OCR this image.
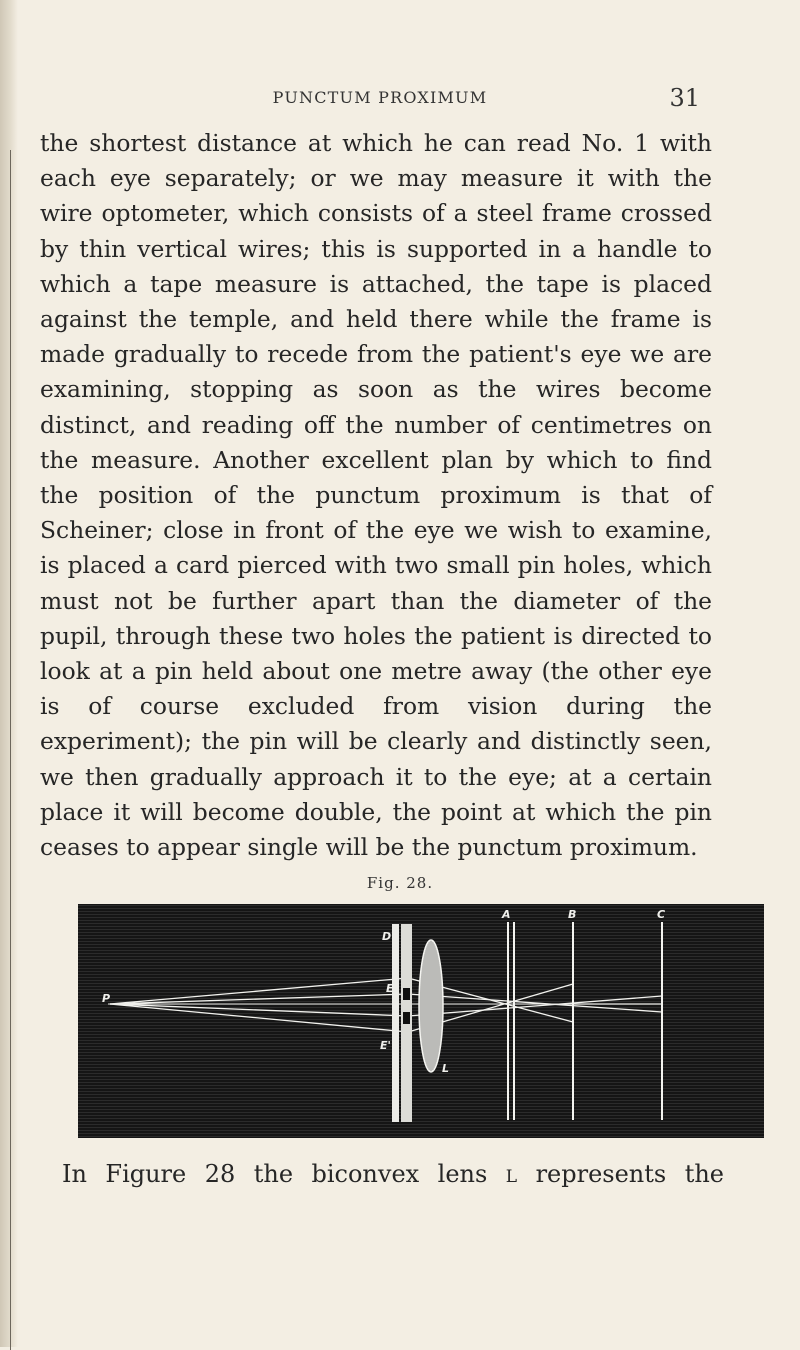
PUNCTUM PROXIMUM	31

the shortest distance at which he can read No. 1 with each eye separately; or we may measure it with the wire optometer, which consists of a steel frame crossed by thin vertical wires; this is supported in a handle to which a tape measure is attached, the tape is placed against the temple, and held there while the frame is made gradually to recede from the patient's eye we are examining, stopping as soon as the wires become distinct, and reading off the number of centimetres on the measure. Another excellent plan by which to find the position of the punctum proximum is that of Scheiner; close in front of the eye we wish to examine, is placed a card pierced with two small pin holes, which must not be further apart than the diameter of the pupil, through these two holes the patient is directed to look at a pin held about one metre away (the other eye is of course excluded from vision during the experiment); the pin will be clearly and distinctly seen, we then gradually approach it to the eye; at a certain place it will become double, the point at which the pin ceases to appear single will be the punctum proximum.

Fig. 28.
P
D
E
E'
L
A	B	C

In Figure 28 the biconvex lens l represents the
